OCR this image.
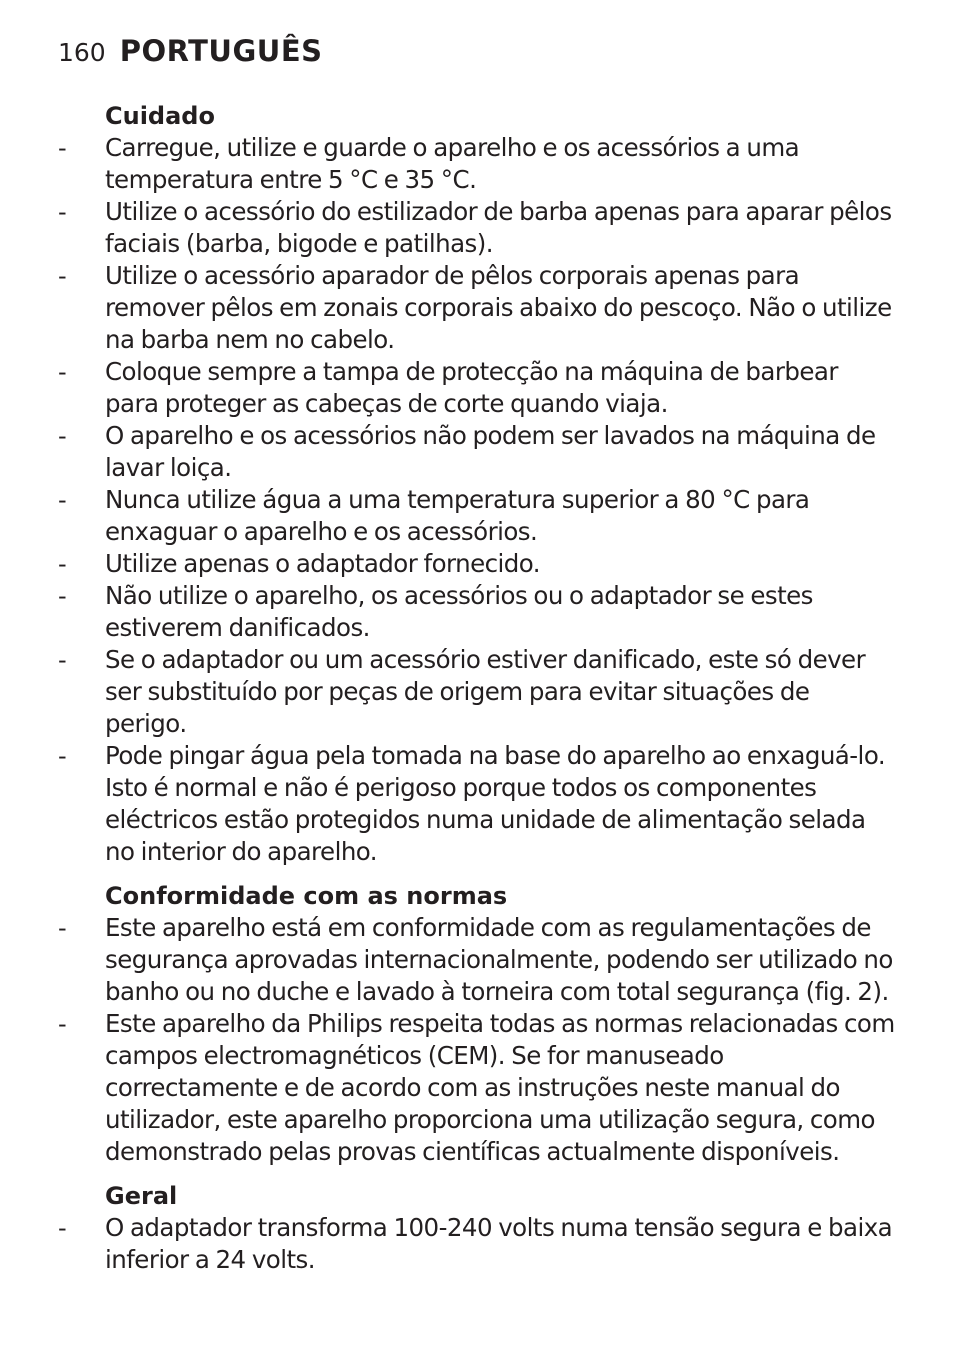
160 PORTUGUÊS
Cuidado
- Carregue, utilize e guarde o aparelho e os acessórios a uma temperatura entre 5 °C e 35 °C.
- Utilize o acessório do estilizador de barba apenas para aparar pêlos faciais (barba, bigode e patilhas).
- Utilize o acessório aparador de pêlos corporais apenas para remover pêlos em zonais corporais abaixo do pescoço. Não o utilize na barba nem no cabelo.
- Coloque sempre a tampa de protecção na máquina de barbear para proteger as cabeças de corte quando viaja.
- O aparelho e os acessórios não podem ser lavados na máquina de lavar loiça.
- Nunca utilize água a uma temperatura superior a 80 °C para enxaguar o aparelho e os acessórios.
- Utilize apenas o adaptador fornecido.
- Não utilize o aparelho, os acessórios ou o adaptador se estes estiverem danificados.
- Se o adaptador ou um acessório estiver danificado, este só dever ser substituído por peças de origem para evitar situações de perigo.
- Pode pingar água pela tomada na base do aparelho ao enxaguá-lo. Isto é normal e não é perigoso porque todos os componentes eléctricos estão protegidos numa unidade de alimentação selada no interior do aparelho.
Conformidade com as normas
- Este aparelho está em conformidade com as regulamentações de segurança aprovadas internacionalmente, podendo ser utilizado no banho ou no duche e lavado à torneira com total segurança (fig. 2).
- Este aparelho da Philips respeita todas as normas relacionadas com campos electromagnéticos (CEM). Se for manuseado correctamente e de acordo com as instruções neste manual do utilizador, este aparelho proporciona uma utilização segura, como demonstrado pelas provas científicas actualmente disponíveis.
Geral
- O adaptador transforma 100-240 volts numa tensão segura e baixa inferior a 24 volts.
